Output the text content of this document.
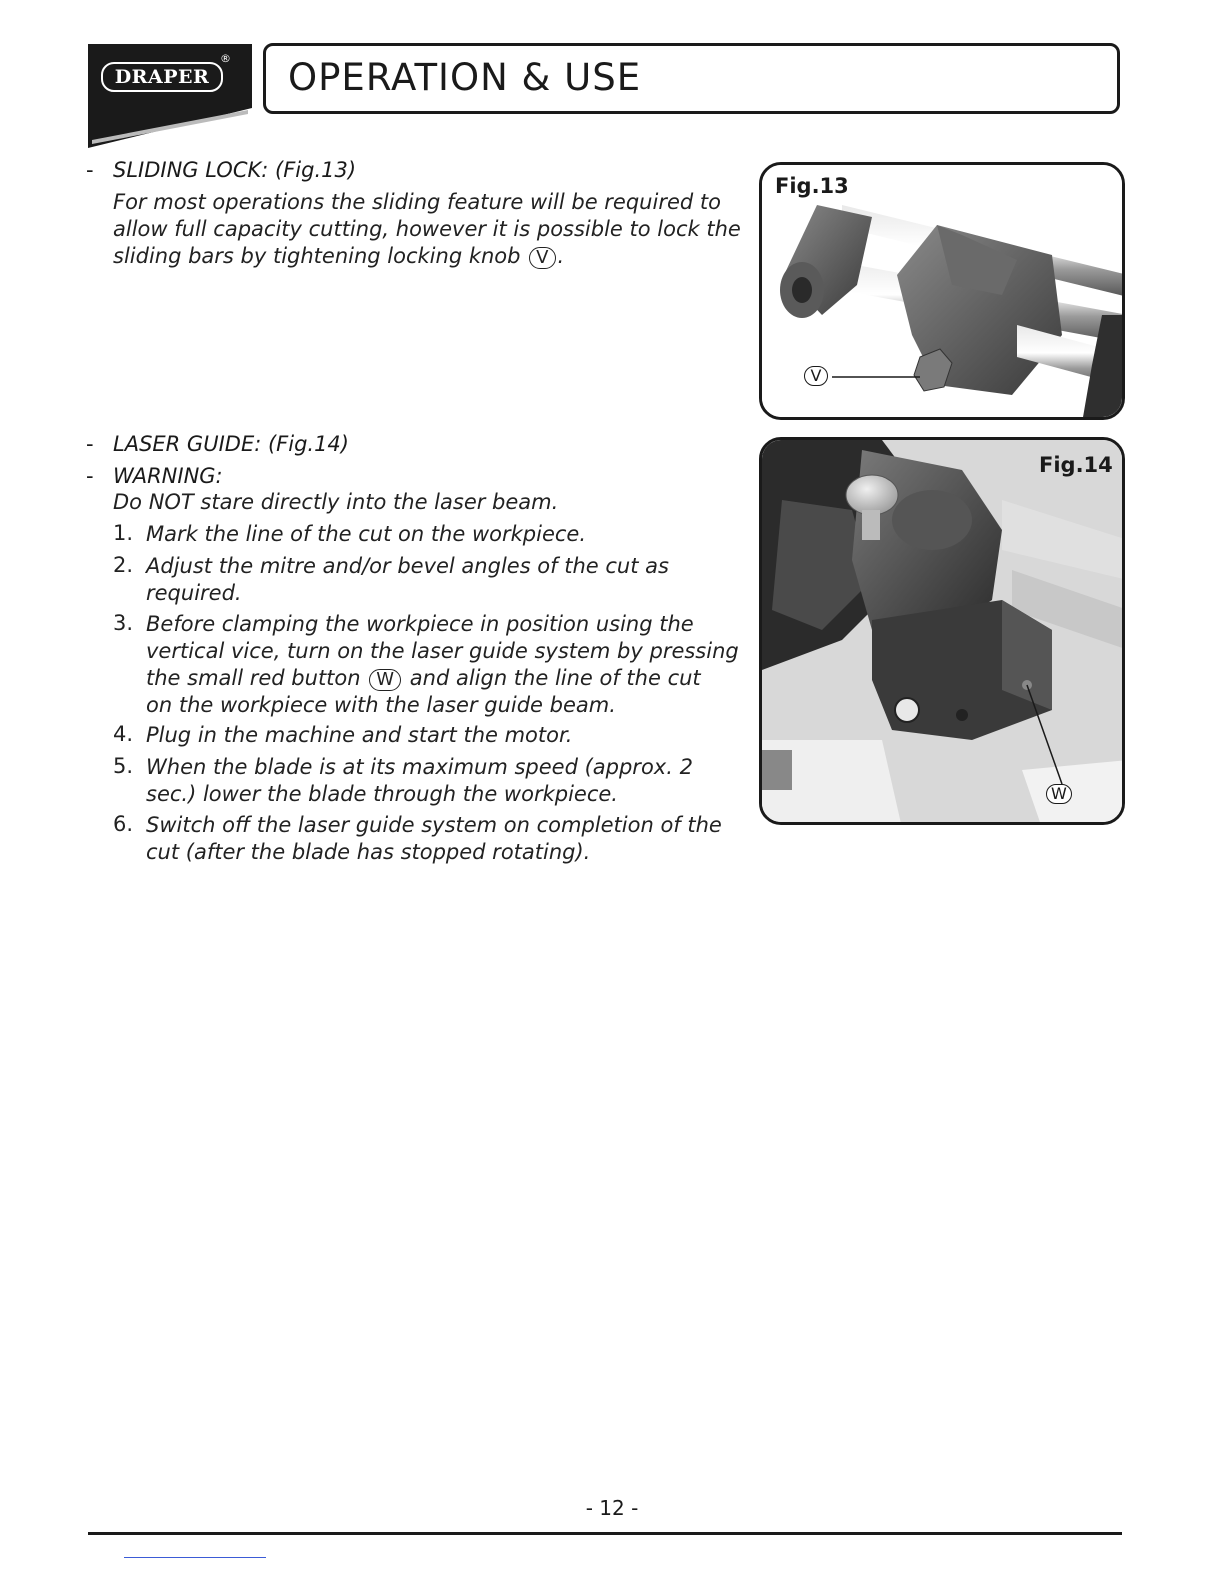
DRAPER
® OPERATION & USE
- SLIDING LOCK: (Fig.13)
For most operations the sliding feature will be required to
allow full capacity cutting, however it is possible to lock the
sliding bars by tightening locking knob V .
- LASER GUIDE: (Fig.14)
- WARNING:
Do NOT stare directly into the laser beam.
1. Mark the line of the cut on the workpiece.
2. Adjust the mitre and/or bevel angles of the cut as
required.
3. Before clamping the workpiece in position using the
vertical vice, turn on the laser guide system by pressing
the small red button W and align the line of the cut
on the workpiece with the laser guide beam.
4. Plug in the machine and start the motor.
5. When the blade is at its maximum speed (approx. 2
sec.) lower the blade through the workpiece.
6. Switch off the laser guide system on completion of the
cut (after the blade has stopped rotating).
Fig.13
V
Fig.14
W
- 12 -
